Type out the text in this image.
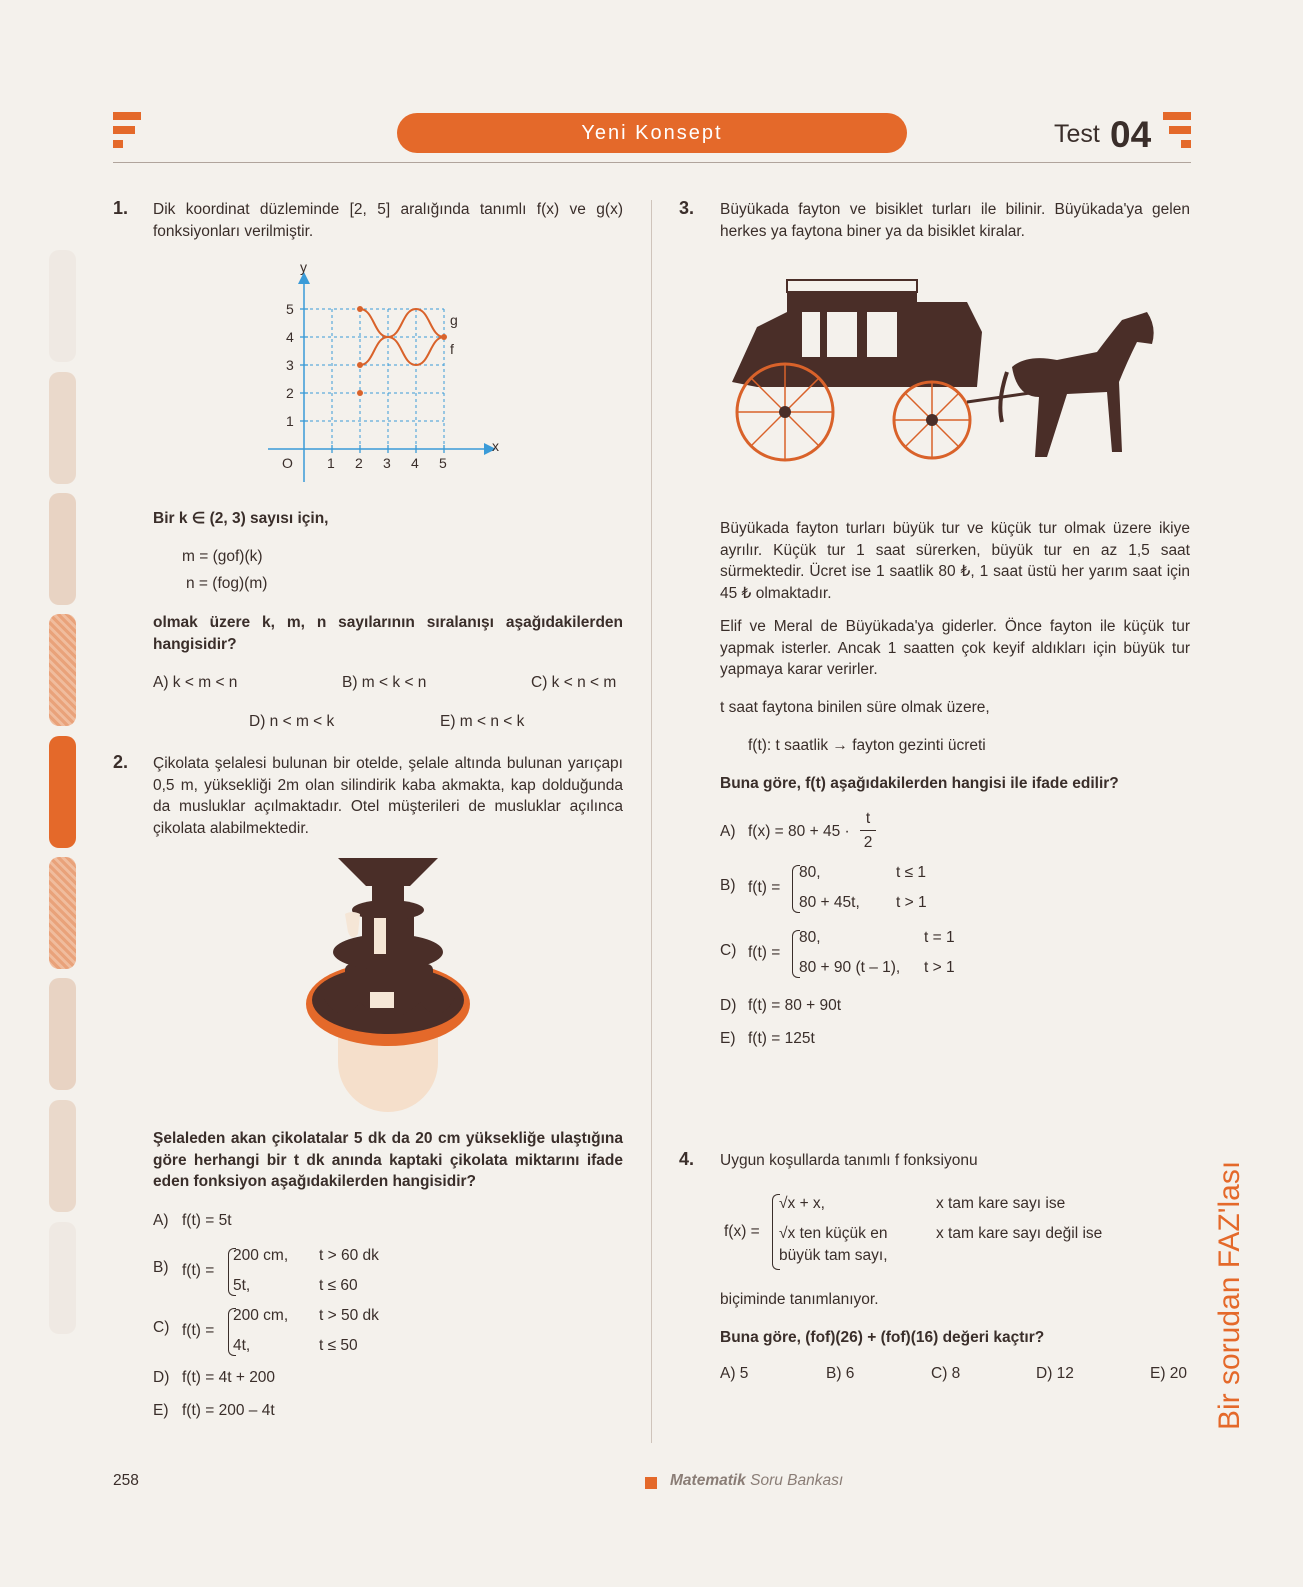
Yeni Konsept	Test 04
1. Dik koordinat düzleminde [2, 5] aralığında tanımlı f(x) ve g(x) fonksiyonları verilmiştir.
y
x
O 1 2 3 4 5
1
2
3
4
5
g
f
Bir k ∈ (2, 3) sayısı için,
m = (gof)(k)
n = (fog)(m)
olmak üzere k, m, n sayılarının sıralanışı aşağıdakilerden hangisidir?
A) k < m < n	B) m < k < n	C) k < n < m
D) n < m < k	E) m < n < k
2. Çikolata şelalesi bulunan bir otelde, şelale altında bulunan yarıçapı 0,5 m, yüksekliği 2m olan silindirik kaba akmakta, kap dolduğunda da musluklar açılmaktadır. Otel müşterileri de musluklar açılınca çikolata alabilmektedir.
Şelaleden akan çikolatalar 5 dk da 20 cm yüksekliğe ulaştığına göre herhangi bir t dk anında kaptaki çikolata miktarını ifade eden fonksiyon aşağıdakilerden hangisidir?
A) f(t) = 5t
B) f(t) =
200 cm, t > 60 dk
5t,	t ≤ 60
C) f(t) =
200 cm, t > 50 dk
4t,	t ≤ 50
D) f(t) = 4t + 200
E) f(t) = 200 – 4t
3. Büyükada fayton ve bisiklet turları ile bilinir. Büyükada'ya gelen herkes ya faytona biner ya da bisiklet kiralar.
Büyükada fayton turları büyük tur ve küçük tur olmak üzere ikiye ayrılır. Küçük tur 1 saat sürerken, büyük tur en az 1,5 saat sürmektedir. Ücret ise 1 saatlik 80 ₺, 1 saat üstü her yarım saat için 45 ₺ olmaktadır.
Elif ve Meral de Büyükada'ya giderler. Önce fayton ile küçük tur yapmak isterler. Ancak 1 saatten çok keyif aldıkları için büyük tur yapmaya karar verirler.
t saat faytona binilen süre olmak üzere,
f(t): t saatlik → fayton gezinti ücreti
Buna göre, f(t) aşağıdakilerden hangisi ile ifade edilir?
A) f(x) = 80 + 45 ·
t
2
B) f(t) =
80,	t ≤ 1
80 + 45t, t > 1
C) f(t) =
80,	t = 1
80 + 90 (t – 1), t > 1
D) f(t) = 80 + 90t
E) f(t) = 125t
4. Uygun koşullarda tanımlı f fonksiyonu
f(x) =
√x + x,	x tam kare sayı ise
√x ten küçük en
büyük tam sayı,
x tam kare sayı değil ise
biçiminde tanımlanıyor.
Buna göre, (fof)(26) + (fof)(16) değeri kaçtır?
A) 5	B) 6	C) 8	D) 12	E) 20 Bir sorudan FAZ'lası
258	Matematik Soru Bankası
